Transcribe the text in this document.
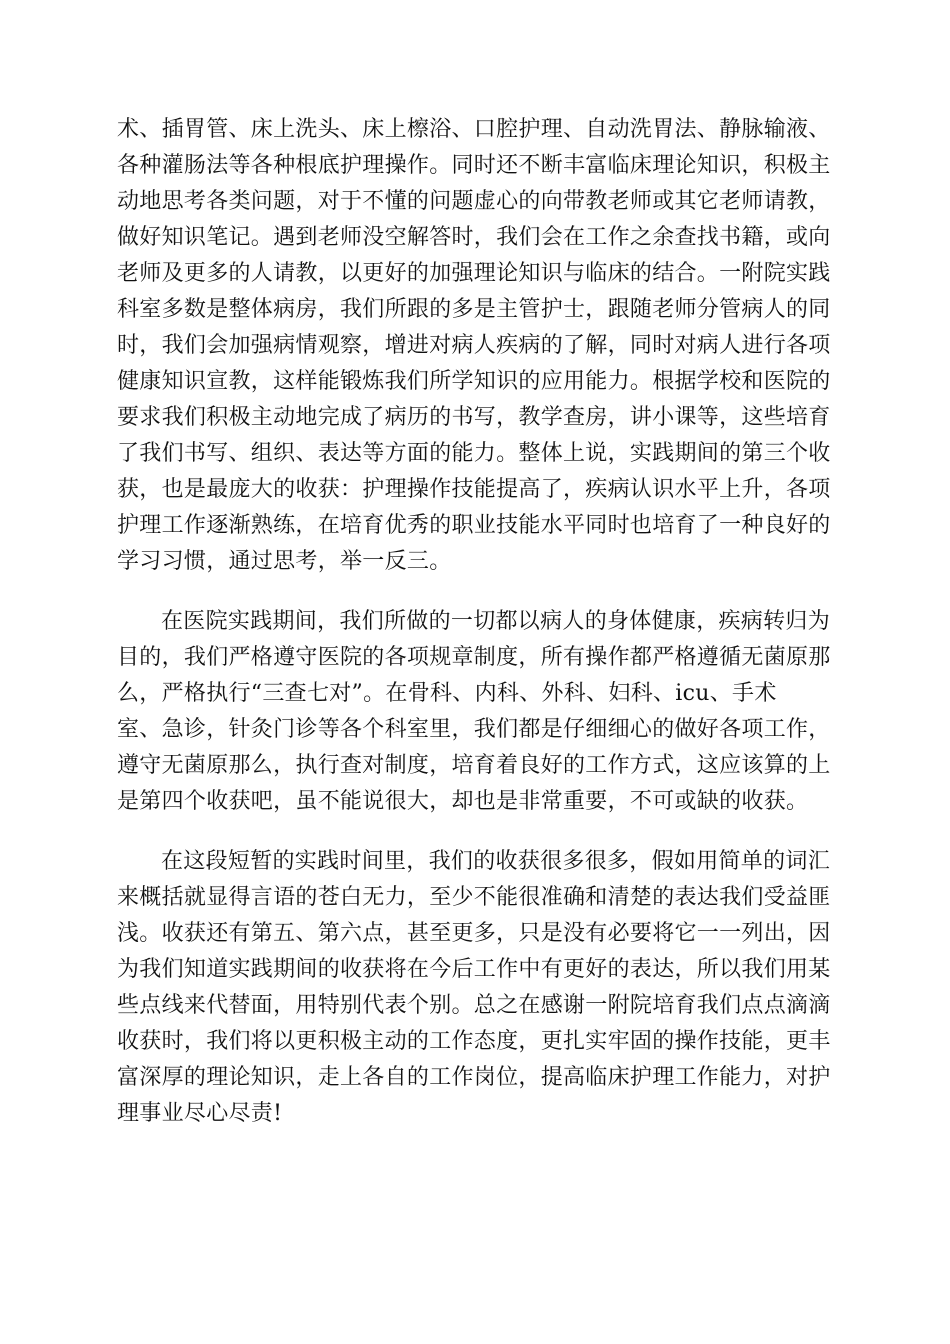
术、插胃管、床上洗头、床上檫浴、口腔护理、自动洗胃法、静脉输液、
各种灌肠法等各种根底护理操作。同时还不断丰富临床理论知识，积极主
动地思考各类问题，对于不懂的问题虚心的向带教老师或其它老师请教，
做好知识笔记。遇到老师没空解答时，我们会在工作之余查找书籍，或向
老师及更多的人请教，以更好的加强理论知识与临床的结合。一附院实践
科室多数是整体病房，我们所跟的多是主管护士，跟随老师分管病人的同
时，我们会加强病情观察，增进对病人疾病的了解，同时对病人进行各项
健康知识宣教，这样能锻炼我们所学知识的应用能力。根据学校和医院的
要求我们积极主动地完成了病历的书写，教学查房，讲小课等，这些培育
了我们书写、组织、表达等方面的能力。整体上说，实践期间的第三个收
获，也是最庞大的收获：护理操作技能提高了，疾病认识水平上升，各项
护理工作逐渐熟练，在培育优秀的职业技能水平同时也培育了一种良好的
学习习惯，通过思考，举一反三。
在医院实践期间，我们所做的一切都以病人的身体健康，疾病转归为
目的，我们严格遵守医院的各项规章制度，所有操作都严格遵循无菌原那
么，严格执行“三查七对”。在骨科、内科、外科、妇科、icu、手术
室、急诊，针灸门诊等各个科室里，我们都是仔细细心的做好各项工作，
遵守无菌原那么，执行查对制度，培育着良好的工作方式，这应该算的上
是第四个收获吧，虽不能说很大，却也是非常重要，不可或缺的收获。
在这段短暂的实践时间里，我们的收获很多很多，假如用简单的词汇
来概括就显得言语的苍白无力，至少不能很准确和清楚的表达我们受益匪
浅。收获还有第五、第六点，甚至更多，只是没有必要将它一一列出，因
为我们知道实践期间的收获将在今后工作中有更好的表达，所以我们用某
些点线来代替面，用特别代表个别。总之在感谢一附院培育我们点点滴滴
收获时，我们将以更积极主动的工作态度，更扎实牢固的操作技能，更丰
富深厚的理论知识，走上各自的工作岗位，提高临床护理工作能力，对护
理事业尽心尽责!
